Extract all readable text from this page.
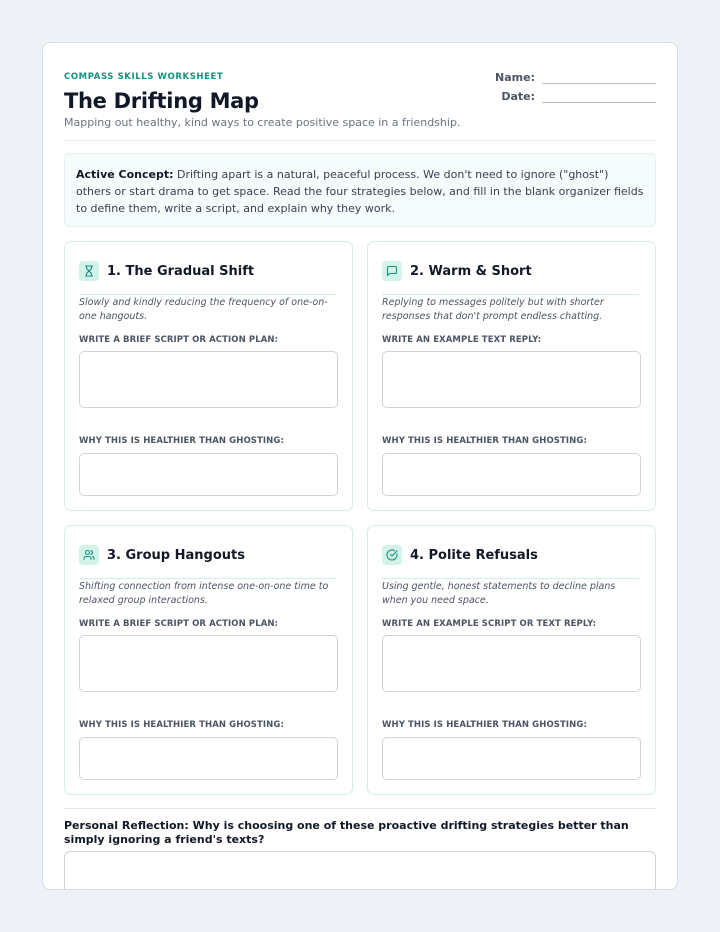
COMPASS SKILLS WORKSHEET
The Drifting Map
Mapping out healthy, kind ways to create positive space in a friendship.
Name:
Date:
Active Concept: Drifting apart is a natural, peaceful process. We don't need to ignore ("ghost") others or start drama to get space. Read the four strategies below, and fill in the blank organizer fields to define them, write a script, and explain why they work.
1. The Gradual Shift
Slowly and kindly reducing the frequency of one-on-one hangouts.
WRITE A BRIEF SCRIPT OR ACTION PLAN:
WHY THIS IS HEALTHIER THAN GHOSTING:
2. Warm & Short
Replying to messages politely but with shorter responses that don't prompt endless chatting.
WRITE AN EXAMPLE TEXT REPLY:
WHY THIS IS HEALTHIER THAN GHOSTING:
3. Group Hangouts
Shifting connection from intense one-on-one time to relaxed group interactions.
WRITE A BRIEF SCRIPT OR ACTION PLAN:
WHY THIS IS HEALTHIER THAN GHOSTING:
4. Polite Refusals
Using gentle, honest statements to decline plans when you need space.
WRITE AN EXAMPLE SCRIPT OR TEXT REPLY:
WHY THIS IS HEALTHIER THAN GHOSTING:
Personal Reflection: Why is choosing one of these proactive drifting strategies better than simply ignoring a friend's texts?
